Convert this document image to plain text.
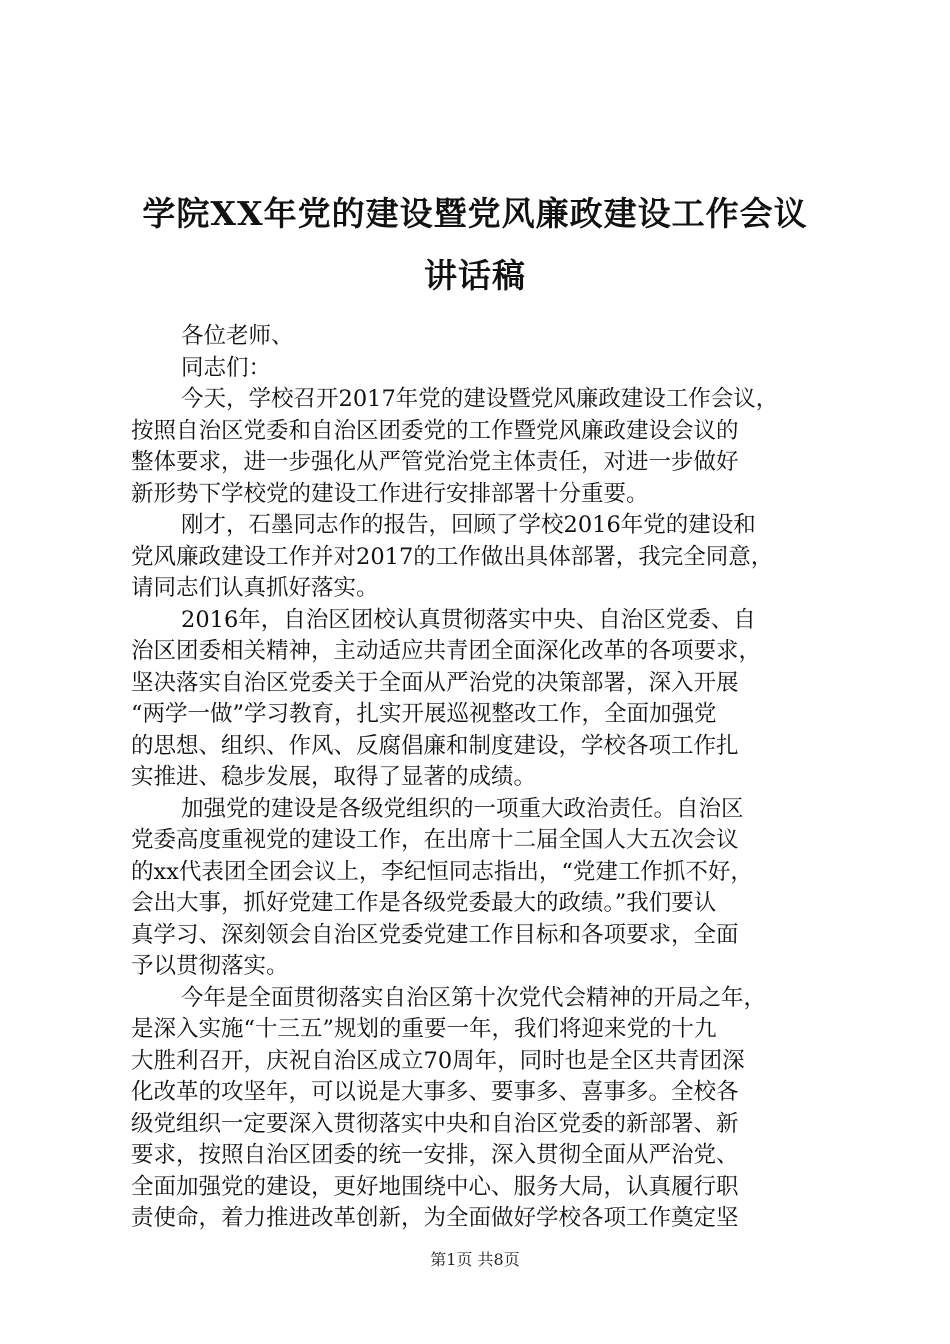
学院XX年党的建设暨党风廉政建设工作会议
讲话稿
各位老师、
同志们：
今天，学校召开2017年党的建设暨党风廉政建设工作会议，
按照自治区党委和自治区团委党的工作暨党风廉政建设会议的
整体要求，进一步强化从严管党治党主体责任，对进一步做好
新形势下学校党的建设工作进行安排部署十分重要。
刚才，石墨同志作的报告，回顾了学校2016年党的建设和
党风廉政建设工作并对2017的工作做出具体部署，我完全同意，
请同志们认真抓好落实。
2016年，自治区团校认真贯彻落实中央、自治区党委、自
治区团委相关精神，主动适应共青团全面深化改革的各项要求，
坚决落实自治区党委关于全面从严治党的决策部署，深入开展
“两学一做”学习教育，扎实开展巡视整改工作，全面加强党
的思想、组织、作风、反腐倡廉和制度建设，学校各项工作扎
实推进、稳步发展，取得了显著的成绩。
加强党的建设是各级党组织的一项重大政治责任。自治区
党委高度重视党的建设工作，在出席十二届全国人大五次会议
的xx代表团全团会议上，李纪恒同志指出，“党建工作抓不好，
会出大事，抓好党建工作是各级党委最大的政绩。”我们要认
真学习、深刻领会自治区党委党建工作目标和各项要求，全面
予以贯彻落实。
今年是全面贯彻落实自治区第十次党代会精神的开局之年，
是深入实施“十三五”规划的重要一年，我们将迎来党的十九
大胜利召开，庆祝自治区成立70周年，同时也是全区共青团深
化改革的攻坚年，可以说是大事多、要事多、喜事多。全校各
级党组织一定要深入贯彻落实中央和自治区党委的新部署、新
要求，按照自治区团委的统一安排，深入贯彻全面从严治党、
全面加强党的建设，更好地围绕中心、服务大局，认真履行职
责使命，着力推进改革创新，为全面做好学校各项工作奠定坚
第1页 共8页
